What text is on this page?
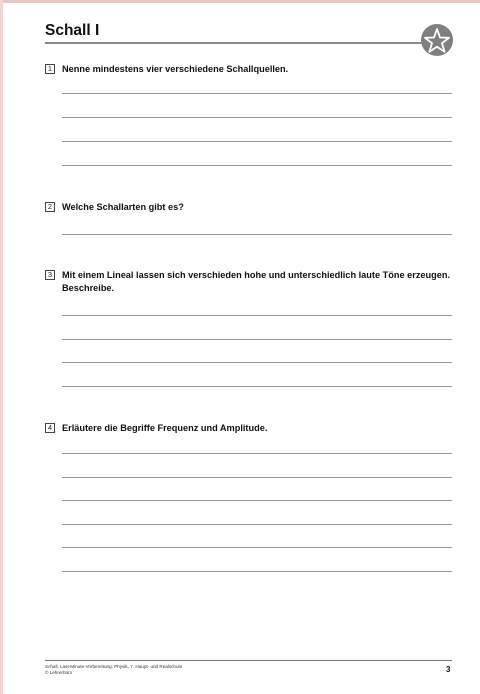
Schall I
1	Nenne mindestens vier verschiedene Schallquellen.
2	Welche Schallarten gibt es?
3	Mit einem Lineal lassen sich verschieden hohe und unterschiedlich laute Töne erzeugen. Beschreibe.
4	Erläutere die Begriffe Frequenz und Amplitude.
Schall, Last-Minute-Vorbereitung, Physik, 7. Haupt- und Realschule
© Lehrerbüro	3
